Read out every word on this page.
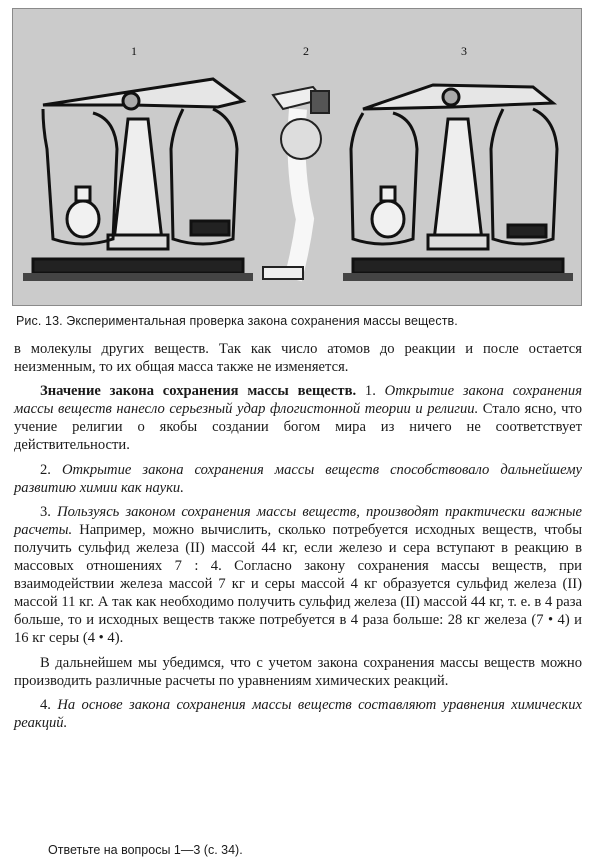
1	2	3
Рис. 13. Экспериментальная проверка закона сохранения массы веществ.

в молекулы других веществ. Так как число атомов до реакции и после остается неизменным, то их общая масса также не изменяется.

Значение закона сохранения массы веществ. 1. Открытие закона сохранения массы веществ нанесло серьезный удар флогистонной теории и религии. Стало ясно, что учение религии о якобы создании богом мира из ничего не соответствует действительности.

2. Открытие закона сохранения массы веществ способствовало дальнейшему развитию химии как науки.

3. Пользуясь законом сохранения массы веществ, производят практически важные расчеты. Например, можно вычислить, сколько потребуется исходных веществ, чтобы получить сульфид железа (II) массой 44 кг, если железо и сера вступают в реакцию в массовых отношениях 7 : 4. Согласно закону сохранения массы веществ, при взаимодействии железа массой 7 кг и серы массой 4 кг образуется сульфид железа (II) массой 11 кг. А так как необходимо получить сульфид железа (II) массой 44 кг, т. е. в 4 раза больше, то и исходных веществ также потребуется в 4 раза больше: 28 кг железа (7 • 4) и 16 кг серы (4 • 4).

В дальнейшем мы убедимся, что с учетом закона сохранения массы веществ можно производить различные расчеты по уравнениям химических реакций.

4. На основе закона сохранения массы веществ составляют уравнения химических реакций.

Ответьте на вопросы 1—3 (с. 34).
